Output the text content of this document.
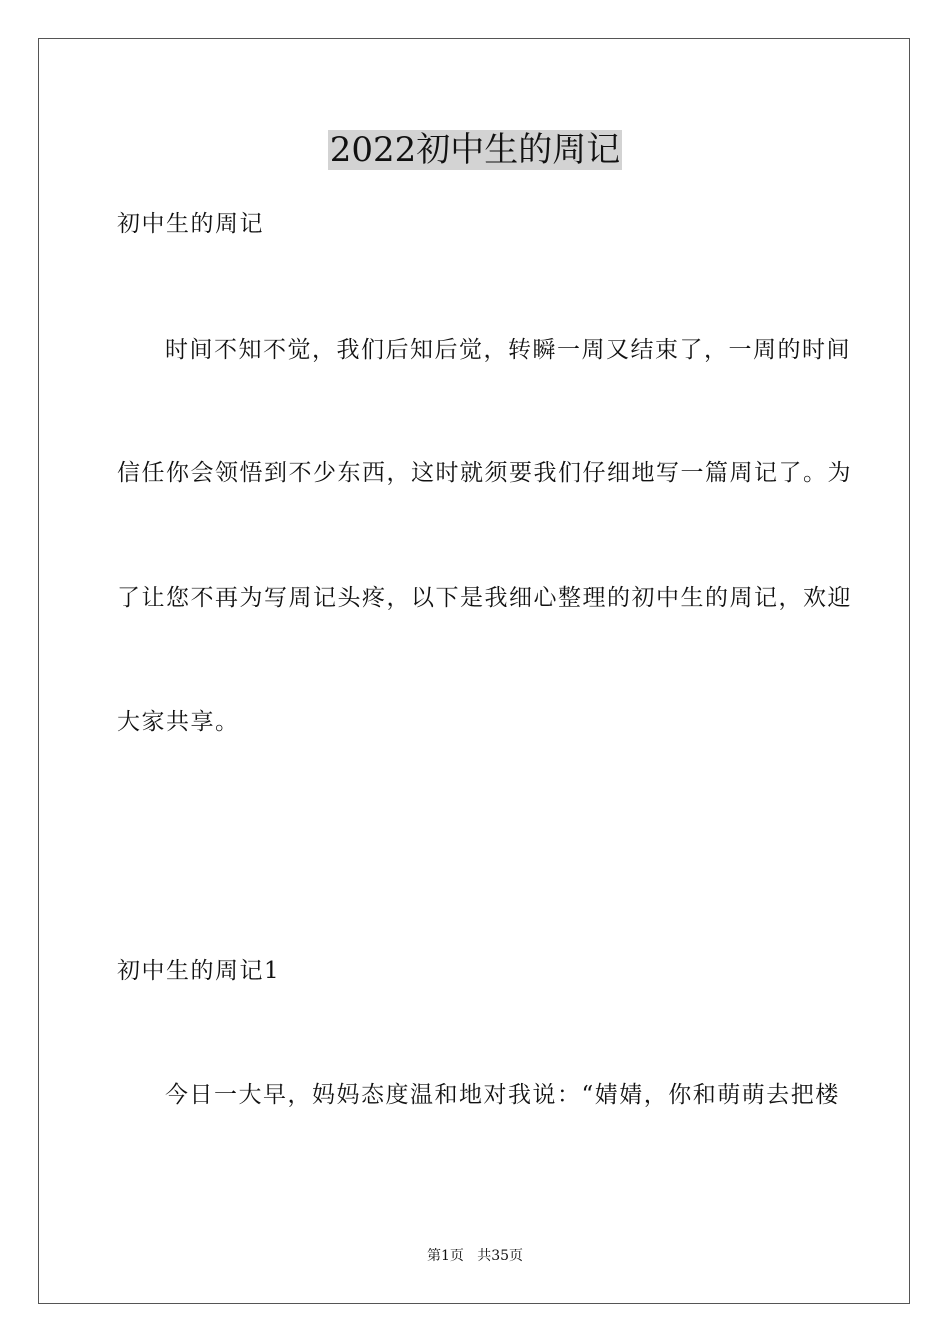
2022初中生的周记
初中生的周记
时间不知不觉，我们后知后觉，转瞬一周又结束了，一周的时间
信任你会领悟到不少东西，这时就须要我们仔细地写一篇周记了。为
了让您不再为写周记头疼，以下是我细心整理的初中生的周记，欢迎
大家共享。
初中生的周记1
今日一大早，妈妈态度温和地对我说：“婧婧，你和萌萌去把楼
第1页   共35页
